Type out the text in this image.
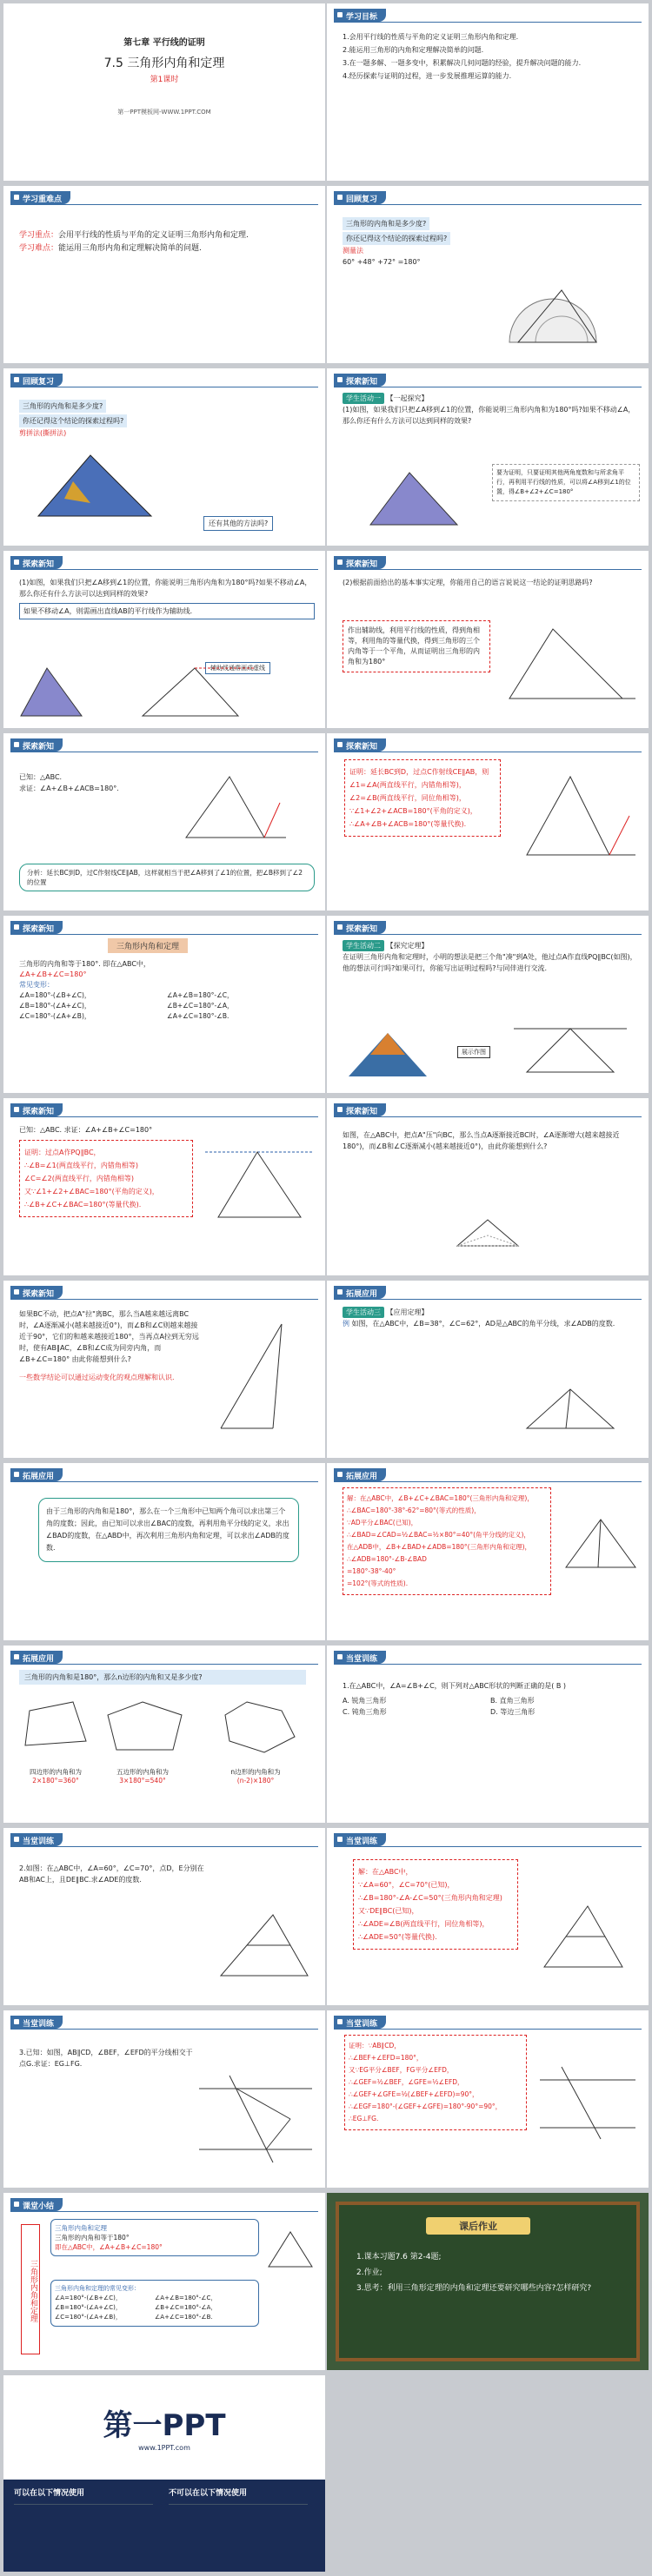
第七章 平行线的证明
7.5 三角形内角和定理
第1课时
第一PPT模板网-WWW.1PPT.COM
学习目标
1.会用平行线的性质与平角的定义证明三角形内角和定理.
2.能运用三角形的内角和定理解决简单的问题.
3.在一题多解、一题多变中，积累解决几何问题的经验，提升解决问题的能力.
4.经历探索与证明的过程，进一步发展推理运算的能力.
学习重难点
学习重点：会用平行线的性质与平角的定义证明三角形内角和定理.
学习难点：能运用三角形内角和定理解决简单的问题.
回顾复习
三角形的内角和是多少度?
你还记得这个结论的探索过程吗?
测量法
60° +48° +72° =180°
回顾复习
三角形的内角和是多少度?
你还记得这个结论的探索过程吗?
剪拼法(撕拼法)
还有其他的方法吗?
探索新知
学生活动一 【一起探究】
(1)如图，如果我们只把∠A移到∠1的位置，你能说明三角形内角和为180°吗?如果不移动∠A，那么你还有什么方法可以达到同样的效果?
要为证明，只要证明其他两角度数和与所求角平行，再利用平行线的性质，可以将∠A移到∠1的位置，得∠B+∠2+∠C=180°
探索新知
(1)如图，如果我们只把∠A移到∠1的位置，你能说明三角形内角和为180°吗?如果不移动∠A，那么你还有什么方法可以达到同样的效果?
如果不移动∠A，则需画出直线AB的平行线作为辅助线.
辅助线通常画成虚线
探索新知
(2)根据前面拾出的基本事实定理，你能用自己的语言说说这一结论的证明思路吗?
作出辅助线，利用平行线的性质，得到角相等，利用角的等量代换，得到三角形的三个内角等于一个平角，从而证明出三角形的内角和为180°
探索新知
已知：△ABC.
求证：∠A+∠B+∠ACB=180°.
分析：延长BC到D，过C作射线CE∥AB，这样就相当于把∠A移到了∠1的位置，把∠B移到了∠2的位置
探索新知
证明：延长BC到D，过点C作射线CE∥AB，则
∠1=∠A(两直线平行，内错角相等)，
∠2=∠B(两直线平行，同位角相等)，
∵∠1+∠2+∠ACB=180°(平角的定义)，
∴∠A+∠B+∠ACB=180°(等量代换).
探索新知
三角形内角和定理
三角形的内角和等于180°. 即在△ABC中，
∠A+∠B+∠C=180°
常见变形：
∠A=180°-(∠B+∠C)，	∠A+∠B=180°-∠C，
∠B=180°-(∠A+∠C)，	∠B+∠C=180°-∠A，
∠C=180°-(∠A+∠B)，	∠A+∠C=180°-∠B.
探索新知
学生活动二 【探究定理】
在证明三角形内角和定理时，小明的想法是把三个角"凑"到A处，他过点A作直线PQ∥BC(如图)，他的想法可行吗?如果可行，你能写出证明过程吗?与同伴进行交流.
展示作图
探索新知
已知：△ABC. 求证：∠A+∠B+∠C=180°
证明：过点A作PQ∥BC，
∴∠B=∠1(两直线平行，内错角相等)
∠C=∠2(两直线平行，内错角相等)
又∵∠1+∠2+∠BAC=180°(平角的定义)，
∴∠B+∠C+∠BAC=180°(等量代换).
探索新知
如图，在△ABC中，把点A"压"向BC，那么当点A逐渐接近BC时，∠A逐渐增大(越来越接近180°)，而∠B和∠C逐渐减小(越来越接近0°)，由此你能想到什么?
探索新知
如果BC不动，把点A"拉"离BC，那么当A越来越远离BC时，∠A逐渐减小(越来越接近0°)，而∠B和∠C则越来越接近于90°，它们的和越来越接近180°，当再点A拉到无穷远时，使有AB∥AC，∠B和∠C成为同旁内角，而∠B+∠C=180° 由此你能想到什么?
一些数学结论可以通过运动变化的观点理解和认识.
拓展应用
学生活动三 【应用定理】
例 如图，在△ABC中，∠B=38°，∠C=62°，AD是△ABC的角平分线，求∠ADB的度数.
拓展应用
由于三角形的内角和是180°，那么在一个三角形中已知两个角可以求出第三个角的度数；因此，由已知可以求出∠BAC的度数，再利用角平分线的定义，求出∠BAD的度数，在△ABD中，再次利用三角形内角和定理，可以求出∠ADB的度数.
拓展应用
解：在△ABC中，∠B+∠C+∠BAC=180°(三角形内角和定理)，
∴∠BAC=180°-38°-62°=80°(等式的性质)，
∵AD平分∠BAC(已知)，
∴∠BAD=∠CAD=½∠BAC=½×80°=40°(角平分线的定义)，
在△ADB中，∠B+∠BAD+∠ADB=180°(三角形内角和定理)，
∴∠ADB=180°-∠B-∠BAD
=180°-38°-40°
=102°(等式的性质).
拓展应用
三角形的内角和是180°，那么n边形的内角和又是多少度?
四边形的内角和为
2×180°=360°
五边形的内角和为
3×180°=540°
n边形的内角和为
(n-2)×180°
当堂训练
1.在△ABC中，∠A=∠B+∠C，则下列对△ABC形状的判断正确的是( B )
A. 锐角三角形	B. 直角三角形
C. 钝角三角形	D. 等边三角形
当堂训练
2.如图：在△ABC中，∠A=60°，∠C=70°，点D，E分别在AB和AC上，且DE∥BC.求∠ADE的度数.
当堂训练
解：在△ABC中，
∵∠A=60°，∠C=70°(已知)，
∴∠B=180°-∠A-∠C=50°(三角形内角和定理)
又∵DE∥BC(已知)，
∴∠ADE=∠B(两直线平行，同位角相等)，
∴∠ADE=50°(等量代换).
当堂训练
3.已知：如图，AB∥CD，∠BEF，∠EFD的平分线相交于点G.求证：EG⊥FG.
当堂训练
证明：∵AB∥CD，
∴∠BEF+∠EFD=180°，
又∵EG平分∠BEF，FG平分∠EFD，
∴∠GEF=½∠BEF，∠GFE=½∠EFD，
∴∠GEF+∠GFE=½(∠BEF+∠EFD)=90°，
∴∠EGF=180°-(∠GEF+∠GFE)=180°-90°=90°，
∴EG⊥FG.
课堂小结
三角形内角和定理
三角形内角和定理
三角形的内角和等于180°
即在△ABC中，∠A+∠B+∠C=180°
三角形内角和定理的常见变形：
∠A=180°-(∠B+∠C)，	∠A+∠B=180°-∠C，
∠B=180°-(∠A+∠C)，	∠B+∠C=180°-∠A，
∠C=180°-(∠A+∠B)，	∠A+∠C=180°-∠B.
课后作业
1.课本习题7.6 第2-4题;
2.作业;
3.思考：利用三角形定理的内角和定理还要研究哪些内容?怎样研究?
第一PPT
www.1PPT.com
可以在以下情况使用	不可以在以下情况使用
